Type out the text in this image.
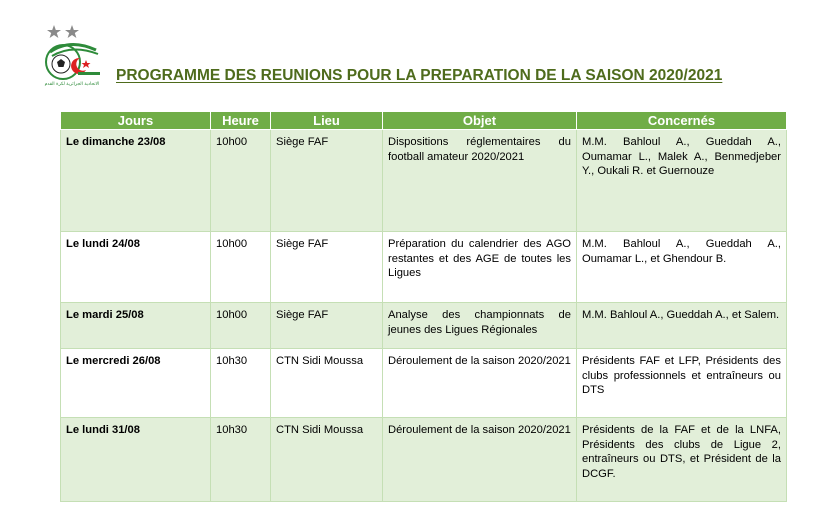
الاتحادية الجزائرية لكرة القدم
PROGRAMME DES REUNIONS POUR LA PREPARATION DE LA SAISON 2020/2021
Jours	Heure	Lieu	Objet	Concernés
Le dimanche 23/08	10h00	Siège FAF	Dispositions réglementaires du football amateur 2020/2021	M.M. Bahloul A., Gueddah A., Oumamar L., Malek A., Benmedjeber Y., Oukali R. et Guernouze
Le lundi 24/08	10h00	Siège FAF	Préparation du calendrier des AGO restantes et des AGE de toutes les Ligues	M.M. Bahloul A., Gueddah A., Oumamar L., et Ghendour B.
Le mardi 25/08	10h00	Siège FAF	Analyse des championnats de jeunes des Ligues Régionales	M.M. Bahloul A., Gueddah A., et Salem.
Le mercredi 26/08	10h30	CTN Sidi Moussa	Déroulement de la saison 2020/2021	Présidents FAF et LFP, Présidents des clubs professionnels et entraîneurs ou DTS
Le lundi 31/08	10h30	CTN Sidi Moussa	Déroulement de la saison 2020/2021	Présidents de la FAF et de la LNFA, Présidents des clubs de Ligue 2, entraîneurs ou DTS, et Président de la DCGF.
